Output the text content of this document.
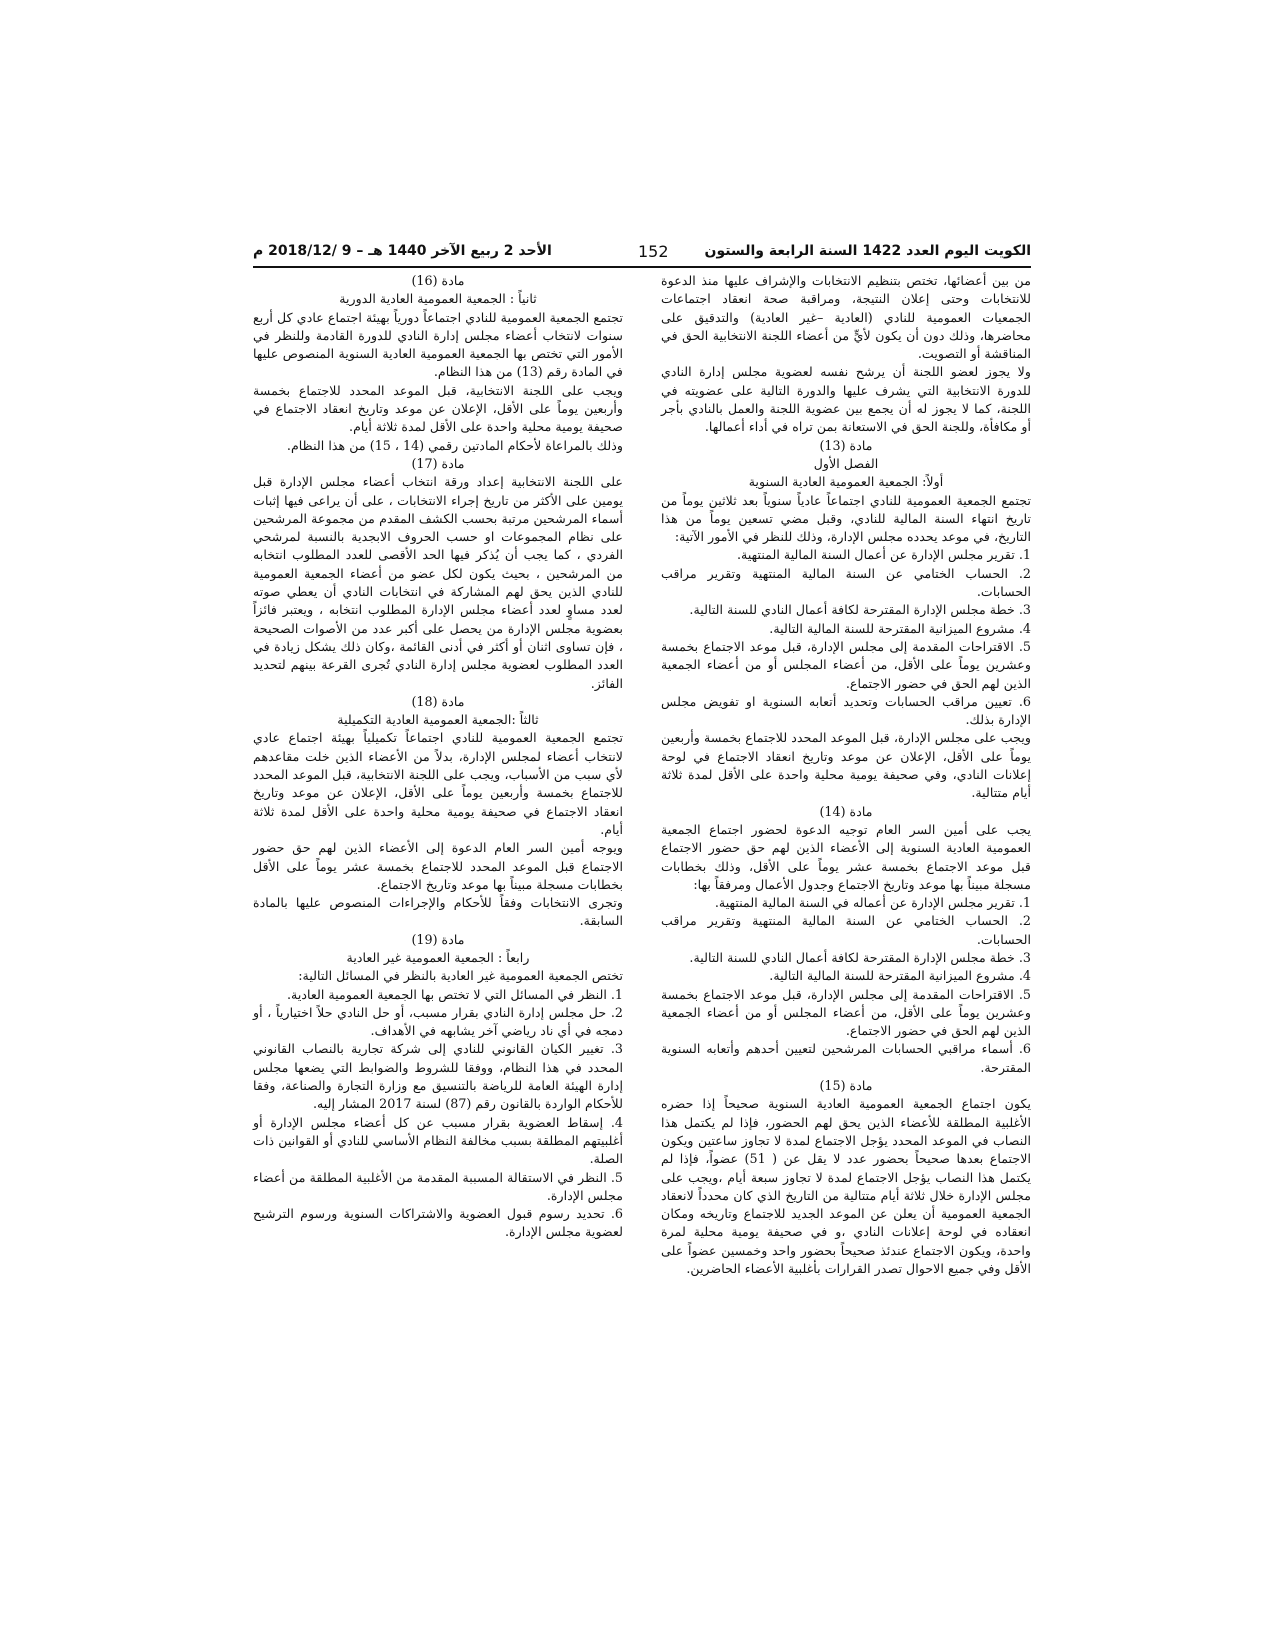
الكويت اليوم العدد 1422 السنة الرابعة والستون
152
الأحد 2 ربيع الآخر 1440 هـ – 9 /2018/12 م

من بين أعضائها، تختص بتنظيم الانتخابات والإشراف عليها منذ الدعوة للانتخابات وحتى إعلان النتيجة، ومراقبة صحة انعقاد اجتماعات الجمعيات العمومية للنادي (العادية –غير العادية) والتدقيق على محاضرها، وذلك دون أن يكون لأيٍّ من أعضاء اللجنة الانتخابية الحق في المناقشة أو التصويت.

ولا يجوز لعضو اللجنة أن يرشح نفسه لعضوية مجلس إدارة النادي للدورة الانتخابية التي يشرف عليها والدورة التالية على عضويته في اللجنة، كما لا يجوز له أن يجمع بين عضوية اللجنة والعمل بالنادي بأجر أو مكافأة، وللجنة الحق في الاستعانة بمن تراه في أداء أعمالها.

مادة (13)

الفصل الأول

أولاً: الجمعية العمومية العادية السنوية

تجتمع الجمعية العمومية للنادي اجتماعاً عادياً سنوياً بعد ثلاثين يوماً من تاريخ انتهاء السنة المالية للنادي، وقبل مضي تسعين يوماً من هذا التاريخ، في موعد يحدده مجلس الإدارة، وذلك للنظر في الأمور الآتية:

1. تقرير مجلس الإدارة عن أعمال السنة المالية المنتهية.

2. الحساب الختامي عن السنة المالية المنتهية وتقرير مراقب الحسابات.

3. خطة مجلس الإدارة المقترحة لكافة أعمال النادي للسنة التالية.

4. مشروع الميزانية المقترحة للسنة المالية التالية.

5. الاقتراحات المقدمة إلى مجلس الإدارة، قبل موعد الاجتماع بخمسة وعشرين يوماً على الأقل، من أعضاء المجلس أو من أعضاء الجمعية الذين لهم الحق في حضور الاجتماع.

6. تعيين مراقب الحسابات وتحديد أتعابه السنوية او تفويض مجلس الإدارة بذلك.

ويجب على مجلس الإدارة، قبل الموعد المحدد للاجتماع بخمسة وأربعين يوماً على الأقل، الإعلان عن موعد وتاريخ انعقاد الاجتماع في لوحة إعلانات النادي، وفي صحيفة يومية محلية واحدة على الأقل لمدة ثلاثة أيام متتالية.

مادة (14)

يجب على أمين السر العام توجيه الدعوة لحضور اجتماع الجمعية العمومية العادية السنوية إلى الأعضاء الذين لهم حق حضور الاجتماع قبل موعد الاجتماع بخمسة عشر يوماً على الأقل، وذلك بخطابات مسجلة مبيناً بها موعد وتاريخ الاجتماع وجدول الأعمال ومرفقاً بها:

1. تقرير مجلس الإدارة عن أعماله في السنة المالية المنتهية.

2. الحساب الختامي عن السنة المالية المنتهية وتقرير مراقب الحسابات.

3. خطة مجلس الإدارة المقترحة لكافة أعمال النادي للسنة التالية.

4. مشروع الميزانية المقترحة للسنة المالية التالية.

5. الاقتراحات المقدمة إلى مجلس الإدارة، قبل موعد الاجتماع بخمسة وعشرين يوماً على الأقل، من أعضاء المجلس أو من أعضاء الجمعية الذين لهم الحق في حضور الاجتماع.

6. أسماء مراقبي الحسابات المرشحين لتعيين أحدهم وأتعابه السنوية المقترحة.

مادة (15)

يكون اجتماع الجمعية العمومية العادية السنوية صحيحاً إذا حضره الأغلبية المطلقة للأعضاء الذين يحق لهم الحضور، فإذا لم يكتمل هذا النصاب في الموعد المحدد يؤجل الاجتماع لمدة لا تجاوز ساعتين ويكون الاجتماع بعدها صحيحاً بحضور عدد لا يقل عن ( 51) عضواً، فإذا لم يكتمل هذا النصاب يؤجل الاجتماع لمدة لا تجاوز سبعة أيام ،ويجب على مجلس الإدارة خلال ثلاثة أيام متتالية من التاريخ الذي كان محدداً لانعقاد الجمعية العمومية أن يعلن عن الموعد الجديد للاجتماع وتاريخه ومكان انعقاده في لوحة إعلانات النادي ،و في صحيفة يومية محلية لمرة واحدة، ويكون الاجتماع عندئذ صحيحاً بحضور واحد وخمسين عضواً على الأقل وفي جميع الاحوال تصدر القرارات بأغلبية الأعضاء الحاضرين.

مادة (16)

ثانياً : الجمعية العمومية العادية الدورية

تجتمع الجمعية العمومية للنادي اجتماعاً دورياً بهيئة اجتماع عادي كل أربع سنوات لانتخاب أعضاء مجلس إدارة النادي للدورة القادمة وللنظر في الأمور التي تختص بها الجمعية العمومية العادية السنوية المنصوص عليها في المادة رقم (13) من هذا النظام.

ويجب على اللجنة الانتخابية، قبل الموعد المحدد للاجتماع بخمسة وأربعين يوماً على الأقل، الإعلان عن موعد وتاريخ انعقاد الاجتماع في صحيفة يومية محلية واحدة على الأقل لمدة ثلاثة أيام.

وذلك بالمراعاة لأحكام المادتين رقمي (14 ، 15) من هذا النظام.

مادة (17)

على اللجنة الانتخابية إعداد ورقة انتخاب أعضاء مجلس الإدارة قبل يومين على الأكثر من تاريخ إجراء الانتخابات ، على أن يراعى فيها إثبات أسماء المرشحين مرتبة بحسب الكشف المقدم من مجموعة المرشحين على نظام المجموعات او حسب الحروف الابجدية بالنسبة لمرشحي الفردي ، كما يجب أن يُذكر فيها الحد الأقصى للعدد المطلوب انتخابه من المرشحين ، بحيث يكون لكل عضو من أعضاء الجمعية العمومية للنادي الذين يحق لهم المشاركة في انتخابات النادي أن يعطي صوته لعدد مساوٍ لعدد أعضاء مجلس الإدارة المطلوب انتخابه ، ويعتبر فائزاً بعضوية مجلس الإدارة من يحصل على أكبر عدد من الأصوات الصحيحة ، فإن تساوى اثنان أو أكثر في أدنى القائمة ،وكان ذلك يشكل زيادة في العدد المطلوب لعضوية مجلس إدارة النادي تُجرى القرعة بينهم لتحديد الفائز.

مادة (18)

ثالثاً :الجمعية العمومية العادية التكميلية

تجتمع الجمعية العمومية للنادي اجتماعاً تكميلياً بهيئة اجتماع عادي لانتخاب أعضاء لمجلس الإدارة، بدلاً من الأعضاء الذين خلت مقاعدهم لأي سبب من الأسباب، ويجب على اللجنة الانتخابية، قبل الموعد المحدد للاجتماع بخمسة وأربعين يوماً على الأقل، الإعلان عن موعد وتاريخ انعقاد الاجتماع في صحيفة يومية محلية واحدة على الأقل لمدة ثلاثة أيام.

ويوجه أمين السر العام الدعوة إلى الأعضاء الذين لهم حق حضور الاجتماع قبل الموعد المحدد للاجتماع بخمسة عشر يوماً على الأقل بخطابات مسجلة مبيناً بها موعد وتاريخ الاجتماع.

وتجرى الانتخابات وفقاً للأحكام والإجراءات المنصوص عليها بالمادة السابقة.

مادة (19)

رابعاً : الجمعية العمومية غير العادية

تختص الجمعية العمومية غير العادية بالنظر في المسائل التالية:

1. النظر في المسائل التي لا تختص بها الجمعية العمومية العادية.

2. حل مجلس إدارة النادي بقرار مسبب، أو حل النادي حلاً اختيارياً ، أو دمجه في أي ناد رياضي آخر يشابهه في الأهداف.

3. تغيير الكيان القانوني للنادي إلى شركة تجارية بالنصاب القانوني المحدد في هذا النظام، ووفقا للشروط والضوابط التي يضعها مجلس إدارة الهيئة العامة للرياضة بالتنسيق مع وزارة التجارة والصناعة، وفقا للأحكام الواردة بالقانون رقم (87) لسنة 2017 المشار إليه.

4. إسقاط العضوية بقرار مسبب عن كل أعضاء مجلس الإدارة أو أغلبيتهم المطلقة بسبب مخالفة النظام الأساسي للنادي أو القوانين ذات الصلة.

5. النظر في الاستقالة المسببة المقدمة من الأغلبية المطلقة من أعضاء مجلس الإدارة.

6. تحديد رسوم قبول العضوية والاشتراكات السنوية ورسوم الترشيح لعضوية مجلس الإدارة.
